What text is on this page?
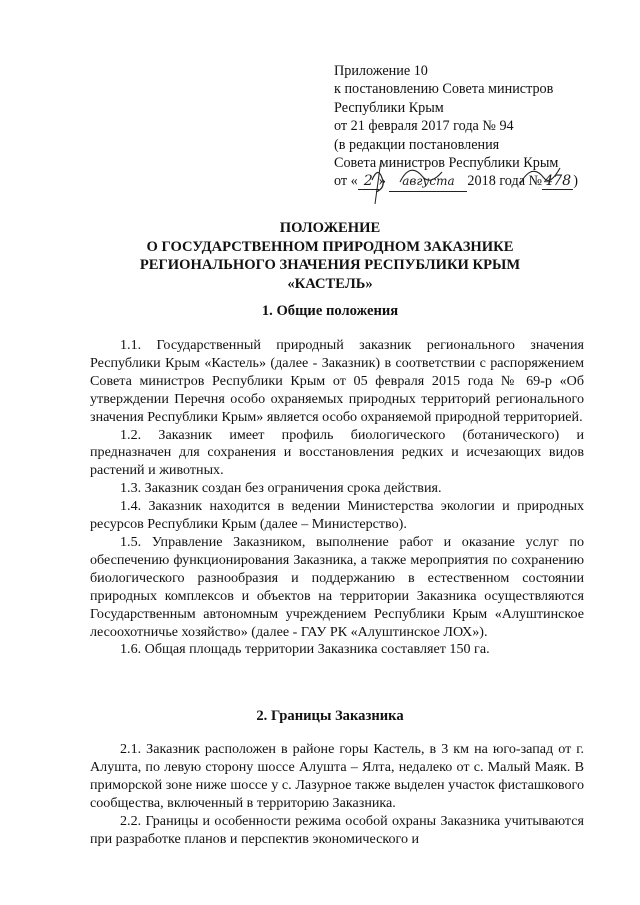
Приложение 10
к постановлению Совета министров
Республики Крым
от 21 февраля 2017 года № 94
(в редакции постановления
Совета министров Республики Крым
от « 2 » августа 2018 года № 478 )
ПОЛОЖЕНИЕ
О ГОСУДАРСТВЕННОМ ПРИРОДНОМ ЗАКАЗНИКЕ
РЕГИОНАЛЬНОГО ЗНАЧЕНИЯ РЕСПУБЛИКИ КРЫМ
«КАСТЕЛЬ»
1. Общие положения

1.1. Государственный природный заказник регионального значения Республики Крым «Кастель» (далее - Заказник) в соответствии с распоряжением Совета министров Республики Крым от 05 февраля 2015 года № 69-р «Об утверждении Перечня особо охраняемых природных территорий регионального значения Республики Крым» является особо охраняемой природной территорией.

1.2. Заказник имеет профиль биологического (ботанического) и предназначен для сохранения и восстановления редких и исчезающих видов растений и животных.

1.3. Заказник создан без ограничения срока действия.

1.4. Заказник находится в ведении Министерства экологии и природных ресурсов Республики Крым (далее – Министерство).

1.5. Управление Заказником, выполнение работ и оказание услуг по обеспечению функционирования Заказника, а также мероприятия по сохранению биологического разнообразия и поддержанию в естественном состоянии природных комплексов и объектов на территории Заказника осуществляются Государственным автономным учреждением Республики Крым «Алуштинское лесоохотничье хозяйство» (далее - ГАУ РК «Алуштинское ЛОХ»).

1.6. Общая площадь территории Заказника составляет 150 га.

2. Границы Заказника

2.1. Заказник расположен в районе горы Кастель, в 3 км на юго-запад от г. Алушта, по левую сторону шоссе Алушта – Ялта, недалеко от с. Малый Маяк. В приморской зоне ниже шоссе у с. Лазурное также выделен участок фисташкового сообщества, включенный в территорию Заказника.

2.2. Границы и особенности режима особой охраны Заказника учитываются при разработке планов и перспектив экономического и
